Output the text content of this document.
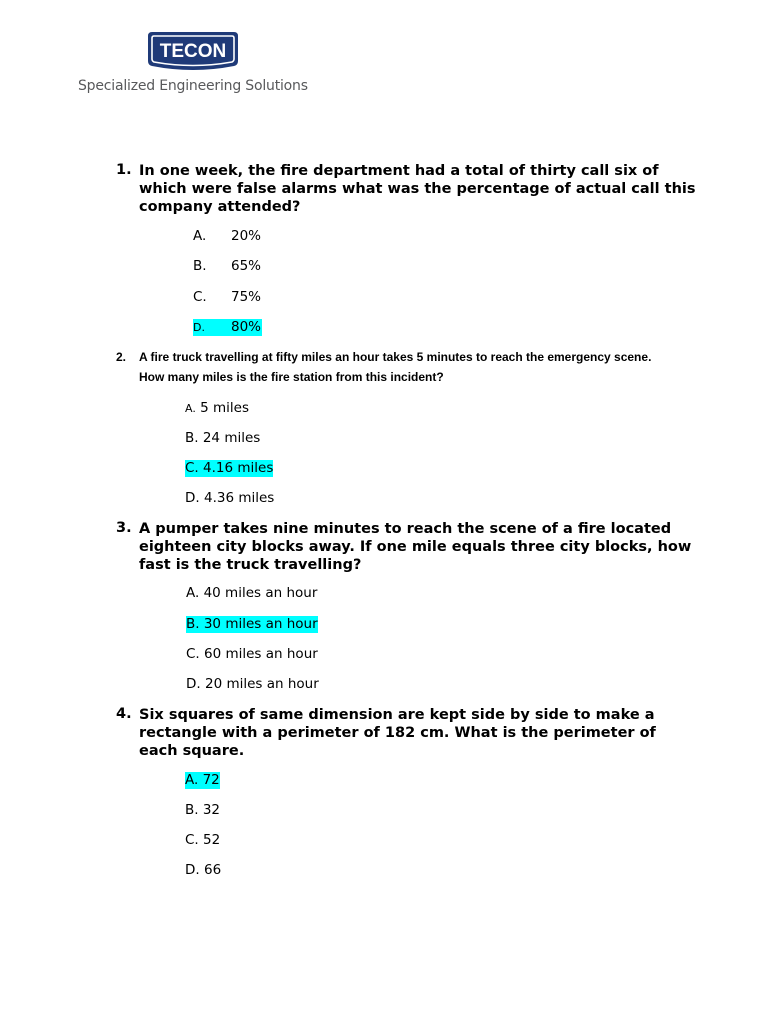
TECON
Specialized Engineering Solutions
1. In one week, the fire department had a total of thirty call six of which were false alarms what was the percentage of actual call this company attended?
A. 20%
B. 65%
C. 75%
D. 80%
2. A fire truck travelling at fifty miles an hour takes 5 minutes to reach the emergency scene. How many miles is the fire station from this incident?
A. 5 miles
B. 24 miles
C. 4.16 miles
D. 4.36 miles
3. A pumper takes nine minutes to reach the scene of a fire located eighteen city blocks away. If one mile equals three city blocks, how fast is the truck travelling?
A. 40 miles an hour
B. 30 miles an hour
C. 60 miles an hour
D. 20 miles an hour
4. Six squares of same dimension are kept side by side to make a rectangle with a perimeter of 182 cm. What is the perimeter of each square.
A. 72
B. 32
C. 52
D. 66
